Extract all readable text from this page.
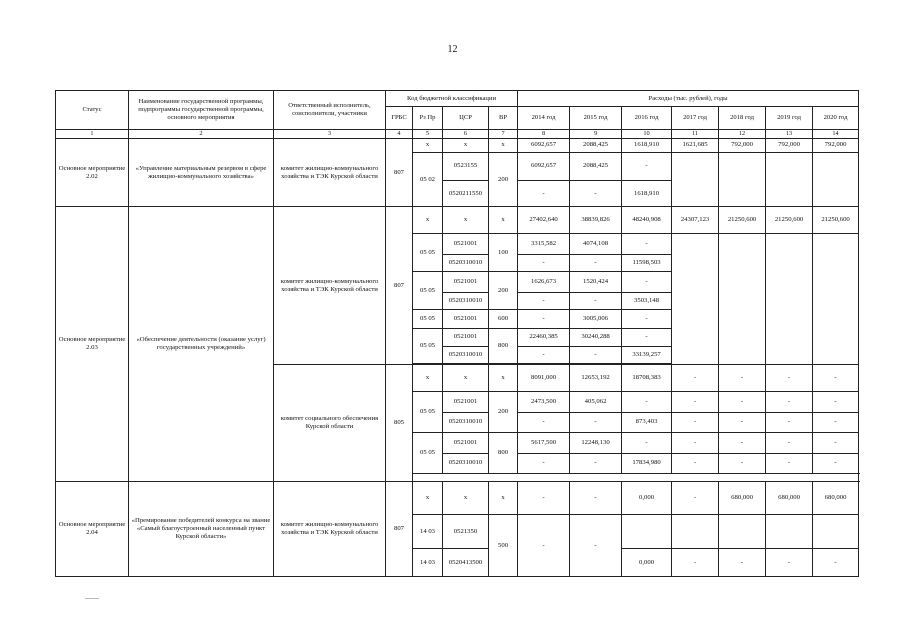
12
Статус	Наименование государственной программы, подпрограммы государственной программы, основного мероприятия	Ответственный исполнитель, соисполнители, участники	Код бюджетной классификации				Расходы (тыс. рублей), годы						
			ГРБС	Рз Пр	ЦСР	ВР	2014 год	2015 год	2016 год	2017 год	2018 год	2019 год	2020 год
1	2	3	4	5	6	7	8	9	10	11	12	13	14
Основное мероприятие 2.02	«Управление материальным резервом в сфере жилищно-коммунального хозяйства»	комитет жилищно-коммунального хозяйства и ТЭК Курской области	807	x	x	x	6092,657	2088,425	1618,910	1621,685	792,000	792,000	792,000
				05 02	0523155	200	6092,657	2088,425	-				
					0520211550		-	-	1618,910				
Основное мероприятие 2.03	«Обеспечение деятельности (оказание услуг) государственных учреждений»	комитет жилищно-коммунального хозяйства и ТЭК Курской области	807	x	x	x	27402,640	38839,826	48240,908	24307,123	21250,600	21250,600	21250,600
				05 05	0521001	100	3315,582	4074,108	-				
					0520310010		-	-	11598,503				
				05 05	0521001	200	1626,673	1520,424	-				
					0520310010		-	-	3503,148				
				05 05	0521001	600	-	3005,006	-				
				05 05	0521001	800	22460,385	30240,288	-				
					0520310010		-	-	33139,257				

		комитет социального обеспечения Курской области	805	x	x	x	8091,000	12653,192	18708,383	-	-	-	-
				05 05	0521001	200	2473,500	405,062	-	-	-	-	-
					0520310010		-	-	873,403	-	-	-	-
				05 05	0521001	800	5617,500	12248,130	-	-	-	-	-
					0520310010		-	-	17834,980	-	-	-	-

Основное мероприятие 2.04	«Премирование победителей конкурса на звание «Самый благоустроенный населенный пункт Курской области»	комитет жилищно-коммунального хозяйства и ТЭК Курской области	807	x	x	x	-	-	0,000	-	680,000	680,000	680,000
				14 03	0521350	500	-	-					
				14 03	0520413500				0,000	-	-	-	-
